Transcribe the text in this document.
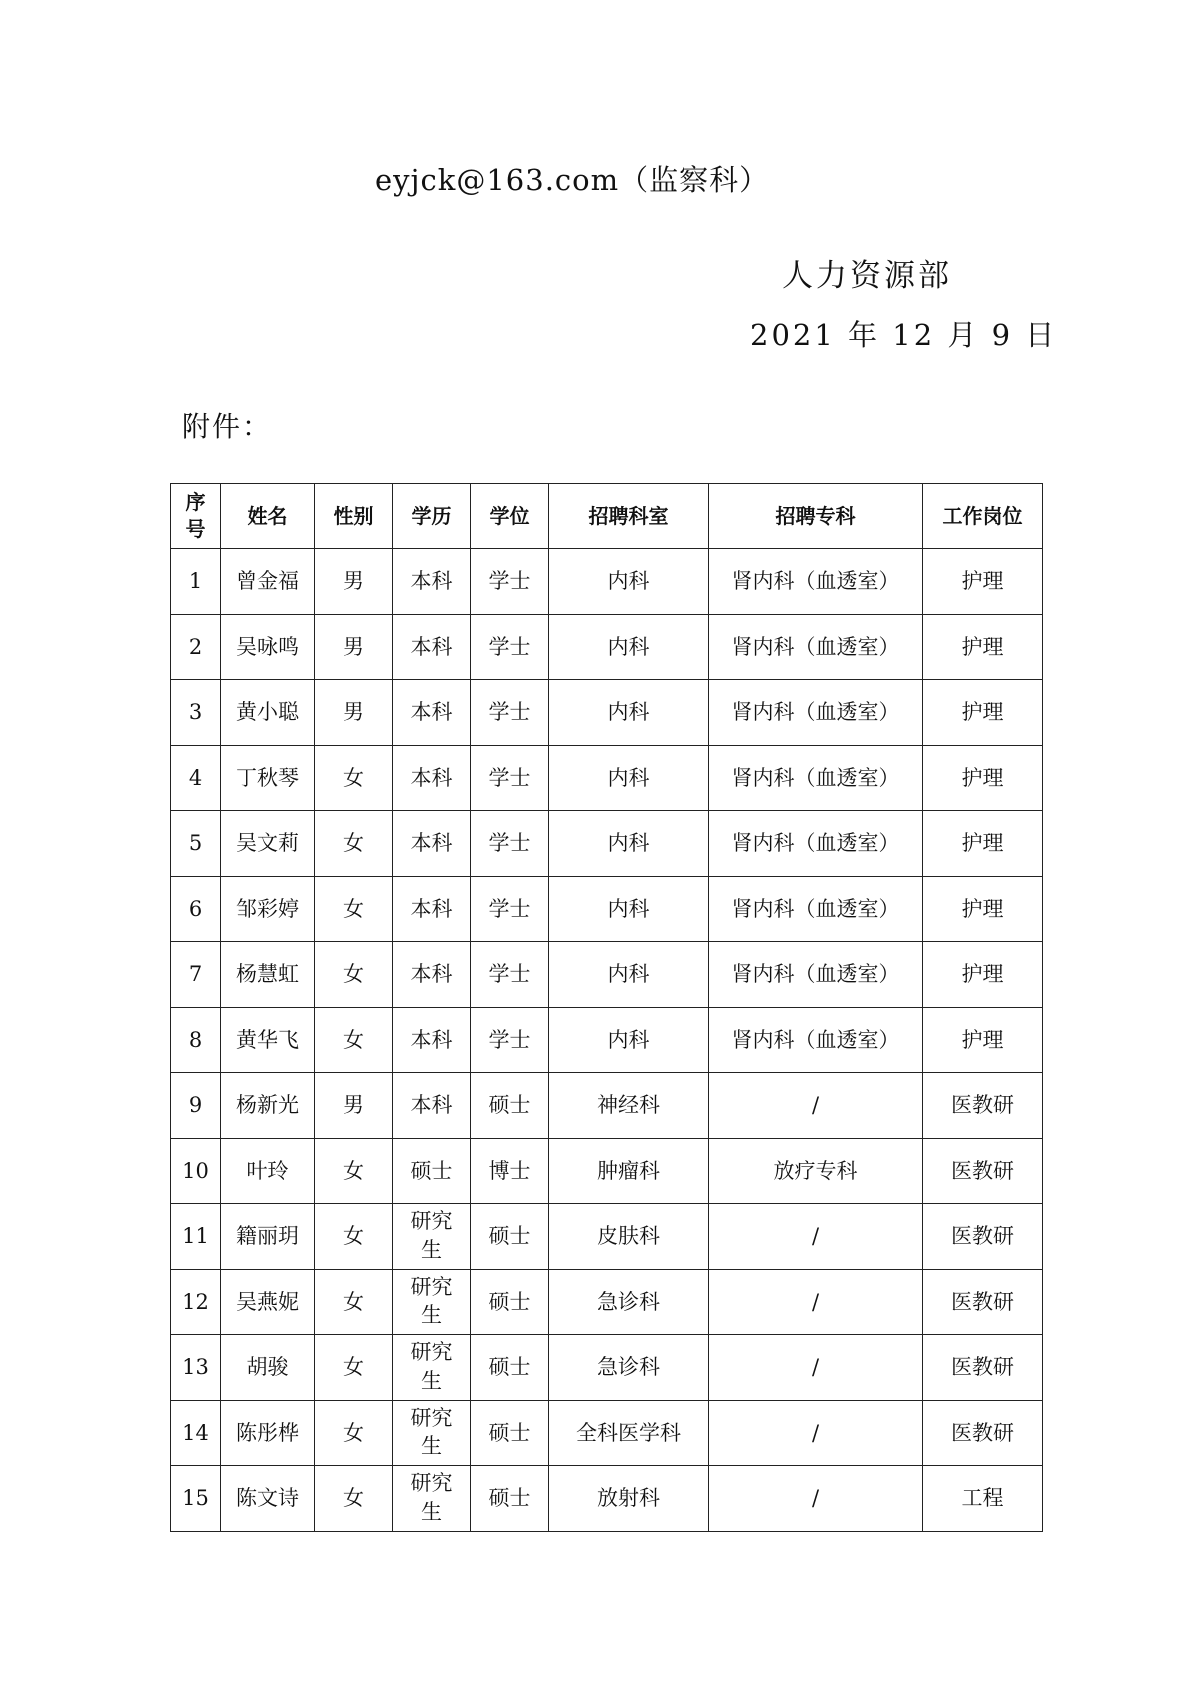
eyjck@163.com（监察科）
人力资源部
2021 年 12 月 9 日
附件：
序号	姓名	性别	学历	学位	招聘科室	招聘专科	工作岗位
1	曾金福	男	本科	学士	内科	肾内科（血透室）	护理
2	吴咏鸣	男	本科	学士	内科	肾内科（血透室）	护理
3	黄小聪	男	本科	学士	内科	肾内科（血透室）	护理
4	丁秋琴	女	本科	学士	内科	肾内科（血透室）	护理
5	吴文莉	女	本科	学士	内科	肾内科（血透室）	护理
6	邹彩婷	女	本科	学士	内科	肾内科（血透室）	护理
7	杨慧虹	女	本科	学士	内科	肾内科（血透室）	护理
8	黄华飞	女	本科	学士	内科	肾内科（血透室）	护理
9	杨新光	男	本科	硕士	神经科	/	医教研
10	叶玲	女	硕士	博士	肿瘤科	放疗专科	医教研
11	籍丽玥	女	研究生	硕士	皮肤科	/	医教研
12	吴燕妮	女	研究生	硕士	急诊科	/	医教研
13	胡骏	女	研究生	硕士	急诊科	/	医教研
14	陈彤桦	女	研究生	硕士	全科医学科	/	医教研
15	陈文诗	女	研究生	硕士	放射科	/	工程
